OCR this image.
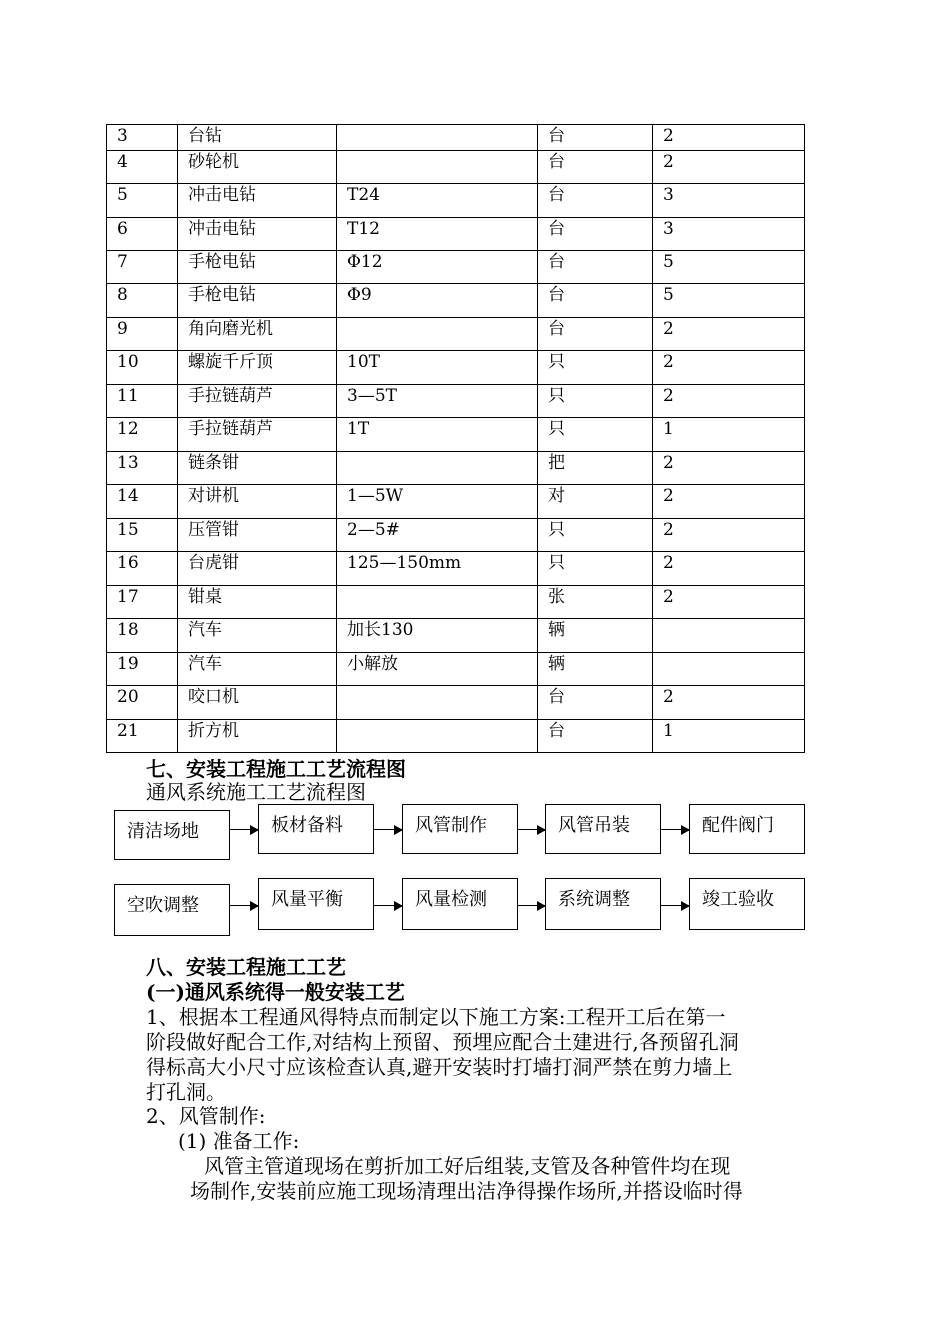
3	台钻		台	2
4	砂轮机		台	2
5	冲击电钻	T24	台	3
6	冲击电钻	T12	台	3
7	手枪电钻	Φ12	台	5
8	手枪电钻	Φ9	台	5
9	角向磨光机		台	2
10	螺旋千斤顶	10T	只	2
11	手拉链葫芦	3—5T	只	2
12	手拉链葫芦	1T	只	1
13	链条钳		把	2
14	对讲机	1—5W	对	2
15	压管钳	2—5#	只	2
16	台虎钳	125—150mm	只	2
17	钳桌		张	2
18	汽车	加长130	辆	
19	汽车	小解放	辆	
20	咬口机		台	2
21	折方机		台	1
七、安装工程施工工艺流程图
通风系统施工工艺流程图
清洁场地	板材备料	风管制作	风管吊装	配件阀门
空吹调整	风量平衡	风量检测	系统调整	竣工验收
八、安装工程施工工艺
(一)通风系统得一般安装工艺
1、根据本工程通风得特点而制定以下施工方案:工程开工后在第一
阶段做好配合工作,对结构上预留、预埋应配合土建进行,各预留孔洞
得标高大小尺寸应该检查认真,避开安装时打墙打洞严禁在剪力墙上
打孔洞。
2、风管制作:
(1) 准备工作:
风管主管道现场在剪折加工好后组装,支管及各种管件均在现
场制作,安装前应施工现场清理出洁净得操作场所,并搭设临时得
